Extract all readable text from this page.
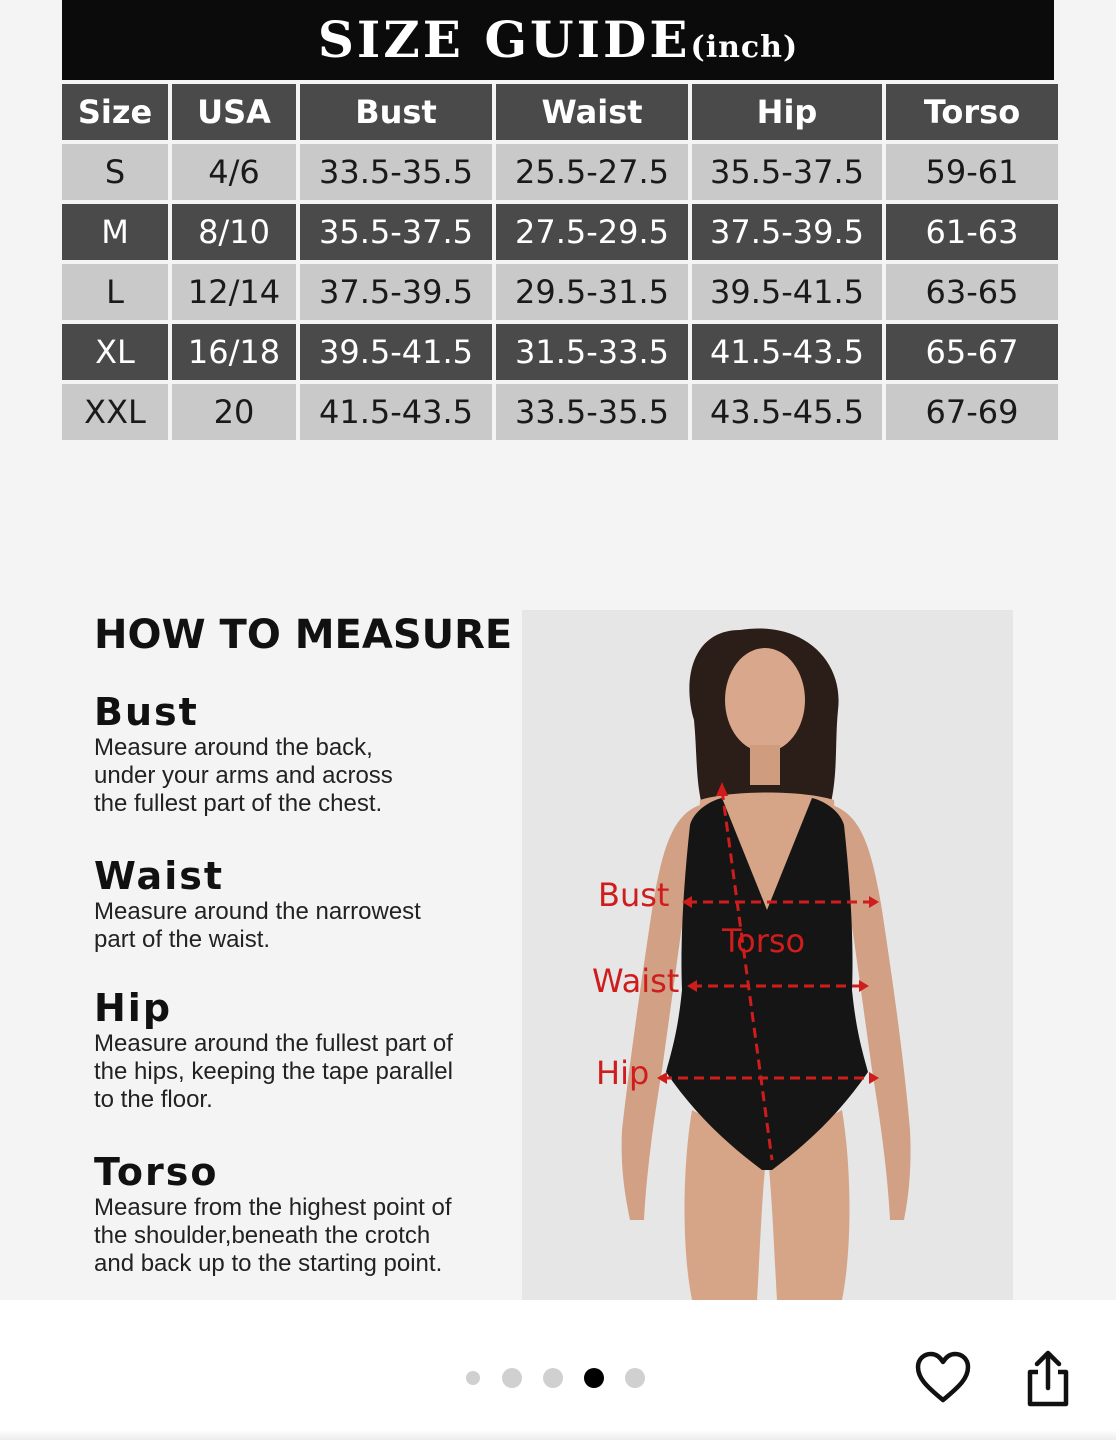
SIZE GUIDE(inch)
Size	USA	Bust	Waist	Hip	Torso
S	4/6	33.5-35.5	25.5-27.5	35.5-37.5	59-61
M	8/10	35.5-37.5	27.5-29.5	37.5-39.5	61-63
L	12/14	37.5-39.5	29.5-31.5	39.5-41.5	63-65
XL	16/18	39.5-41.5	31.5-33.5	41.5-43.5	65-67
XXL	20	41.5-43.5	33.5-35.5	43.5-45.5	67-69
HOW TO MEASURE
Bust
Measure around the back,
under your arms and across
the fullest part of the chest.
Waist
Measure around the narrowest
part of the waist.
Hip
Measure around the fullest part of
the hips, keeping the tape parallel
to the floor.
Torso
Measure from the highest point of
the shoulder,beneath the crotch
and back up to the starting point.
Bust
Torso
Waist
Hip
